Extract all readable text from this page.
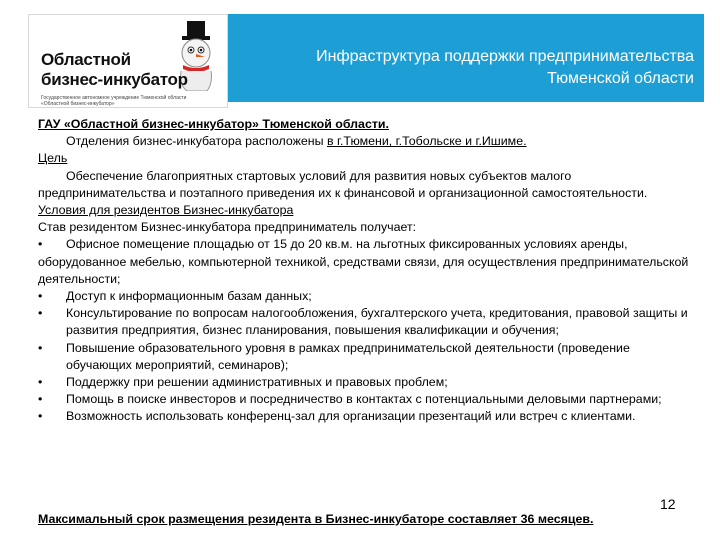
Областной
бизнес-инкубатор
Государственное автономное учреждение Тюменской области
«Областной бизнес-инкубатор»
Инфраструктура поддержки предпринимательства
Тюменской области

ГАУ «Областной бизнес-инкубатор» Тюменской области.

Отделения бизнес-инкубатора расположены в г.Тюмени, г.Тобольске и г.Ишиме.

Цель

Обеспечение благоприятных стартовых условий для развития новых субъектов малого предпринимательства и поэтапного приведения их к финансовой и организационной самостоятельности.

Условия для резидентов Бизнес-инкубатора

Став резидентом Бизнес-инкубатора предприниматель получает:

• Офисное помещение площадью от 15 до 20 кв.м. на льготных фиксированных условиях аренды, оборудованное мебелью, компьютерной техникой, средствами связи, для осуществления предпринимательской деятельности;

• Доступ к информационным базам данных;

• Консультирование по вопросам налогообложения, бухгалтерского учета, кредитования, правовой защиты и развития предприятия, бизнес планирования, повышения квалификации и обучения;

• Повышение образовательного уровня в рамках предпринимательской деятельности (проведение обучающих мероприятий, семинаров);

• Поддержку при решении административных и правовых проблем;

• Помощь в поиске инвесторов и посредничество в контактах с потенциальными деловыми партнерами;

• Возможность использовать конференц-зал для организации презентаций или встреч с клиентами.

12
Максимальный срок размещения резидента в Бизнес-инкубаторе составляет 36 месяцев.
